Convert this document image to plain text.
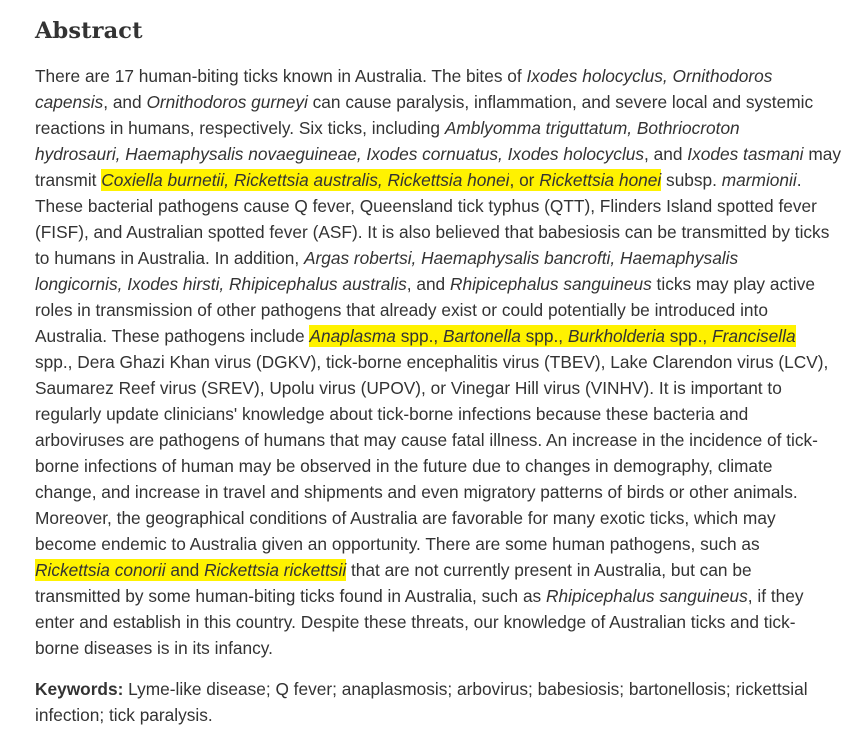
Abstract
There are 17 human-biting ticks known in Australia. The bites of Ixodes holocyclus, Ornithodoros
capensis, and Ornithodoros gurneyi can cause paralysis, inflammation, and severe local and systemic
reactions in humans, respectively. Six ticks, including Amblyomma triguttatum, Bothriocroton
hydrosauri, Haemaphysalis novaeguineae, Ixodes cornuatus, Ixodes holocyclus, and Ixodes tasmani may
transmit Coxiella burnetii, Rickettsia australis, Rickettsia honei, or Rickettsia honei subsp. marmionii.
These bacterial pathogens cause Q fever, Queensland tick typhus (QTT), Flinders Island spotted fever
(FISF), and Australian spotted fever (ASF). It is also believed that babesiosis can be transmitted by ticks
to humans in Australia. In addition, Argas robertsi, Haemaphysalis bancrofti, Haemaphysalis
longicornis, Ixodes hirsti, Rhipicephalus australis, and Rhipicephalus sanguineus ticks may play active
roles in transmission of other pathogens that already exist or could potentially be introduced into
Australia. These pathogens include Anaplasma spp., Bartonella spp., Burkholderia spp., Francisella
spp., Dera Ghazi Khan virus (DGKV), tick-borne encephalitis virus (TBEV), Lake Clarendon virus (LCV),
Saumarez Reef virus (SREV), Upolu virus (UPOV), or Vinegar Hill virus (VINHV). It is important to
regularly update clinicians' knowledge about tick-borne infections because these bacteria and
arboviruses are pathogens of humans that may cause fatal illness. An increase in the incidence of tick-
borne infections of human may be observed in the future due to changes in demography, climate
change, and increase in travel and shipments and even migratory patterns of birds or other animals.
Moreover, the geographical conditions of Australia are favorable for many exotic ticks, which may
become endemic to Australia given an opportunity. There are some human pathogens, such as
Rickettsia conorii and Rickettsia rickettsii that are not currently present in Australia, but can be
transmitted by some human-biting ticks found in Australia, such as Rhipicephalus sanguineus, if they
enter and establish in this country. Despite these threats, our knowledge of Australian ticks and tick-
borne diseases is in its infancy.
Keywords: Lyme-like disease; Q fever; anaplasmosis; arbovirus; babesiosis; bartonellosis; rickettsial
infection; tick paralysis.
